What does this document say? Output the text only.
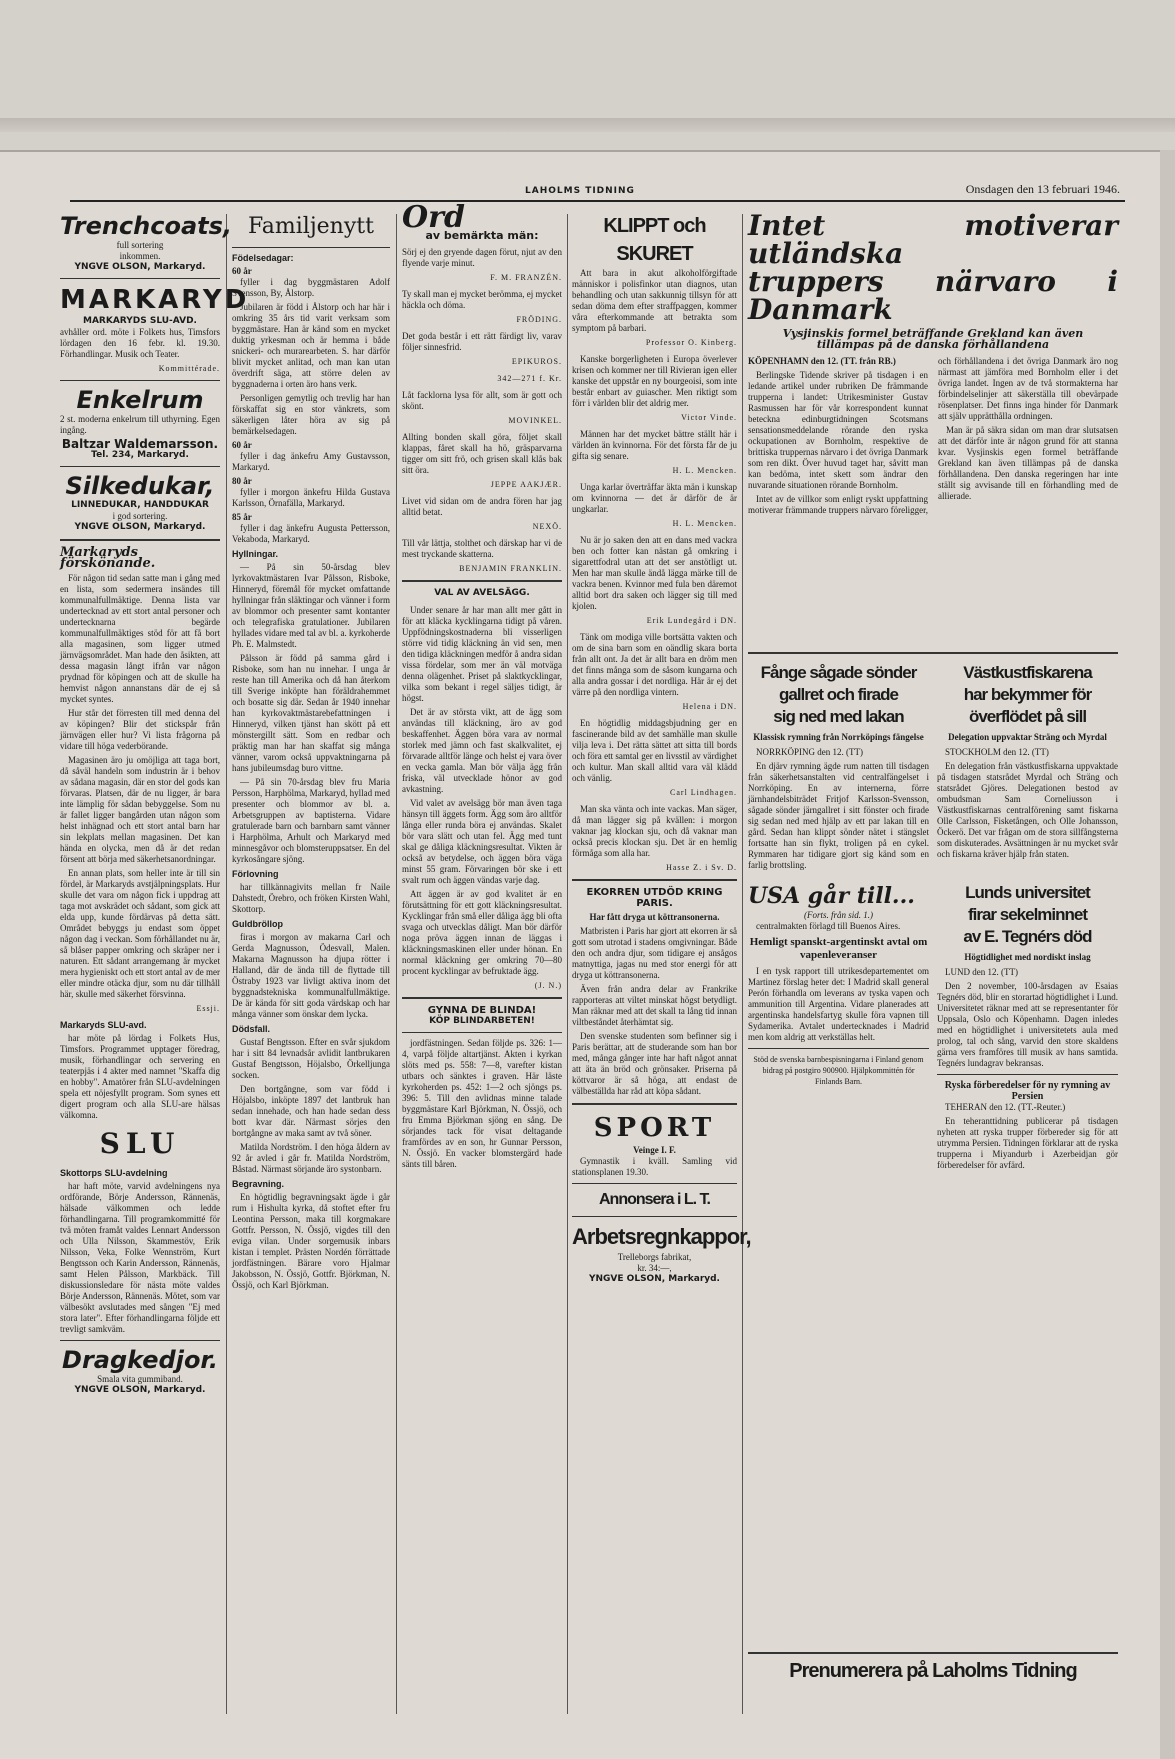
LAHOLMS TIDNING	Onsdagen den 13 februari 1946.
Trenchcoats,
full sortering
inkommen.
YNGVE OLSON, Markaryd.
MARKARYD
MARKARYDS SLU-AVD.

avhåller ord. möte i Folkets hus, Timsfors lördagen den 16 febr. kl. 19.30. Förhandlingar. Musik och Teater.

Kommittérade.
Enkelrum

2 st. moderna enkelrum till uthyrning. Egen ingång.

Baltzar Waldemarsson.
Tel. 234, Markaryd.
Silkedukar,
LINNEDUKAR, HANDDUKAR
i god sortering.
YNGVE OLSON, Markaryd.
Markaryds förskönande.

För någon tid sedan satte man i gång med en lista, som sedermera insändes till kommunalfullmäktige. Denna lista var undertecknad av ett stort antal personer och undertecknarna begärde kommunalfullmäktiges stöd för att få bort alla magasinen, som ligger utmed järnvägsområdet. Man hade den åsikten, att dessa magasin långt ifrån var någon prydnad för köpingen och att de skulle ha hemvist någon annanstans där de ej så mycket syntes.

Hur står det förresten till med denna del av köpingen? Blir det stickspår från järnvägen eller hur? Vi lista frågorna på vidare till höga vederbörande.

Magasinen äro ju omöjliga att taga bort, då såväl handeln som industrin är i behov av sådana magasin, där en stor del gods kan förvaras. Platsen, där de nu ligger, är bara inte lämplig för sådan bebyggelse. Som nu är fallet ligger bangården utan någon som helst inhägnad och ett stort antal barn har sin lekplats mellan magasinen. Det kan hända en olycka, men då är det redan försent att börja med säkerhetsanordningar.

En annan plats, som heller inte är till sin fördel, är Markaryds avstjälpningsplats. Hur skulle det vara om någon fick i uppdrag att taga mot avskrädet och sådant, som gick att elda upp, kunde fördärvas på detta sätt. Området bebyggs ju endast som öppet någon dag i veckan. Som förhållandet nu är, så blåser papper omkring och skräper ner i naturen. Ett sådant arrangemang är mycket mera hygieniskt och ett stort antal av de mer eller mindre otäcka djur, som nu där tillhåll här, skulle med säkerhet försvinna.

Essji.
Markaryds SLU-avd.

har möte på lördag i Folkets Hus, Timsfors. Programmet upptager föredrag, musik, förhandlingar och servering en teaterpjäs i 4 akter med namnet "Skaffa dig en hobby". Amatörer från SLU-avdelningen spela ett nöjesfyllt program. Som synes ett digert program och alla SLU-are hälsas välkomna.

SLU
Skottorps SLU-avdelning

har haft möte, varvid avdelningens nya ordförande, Börje Andersson, Rännenäs, hälsade välkommen och ledde förhandlingarna. Till programkommitté för tvä möten framåt valdes Lennart Andersson och Ulla Nilsson, Skammestöv, Erik Nilsson, Veka, Folke Wennström, Kurt Bengtsson och Karin Andersson, Rännenäs, samt Helen Pålsson, Markbäck. Till diskussionsledare för nästa möte valdes Börje Andersson, Rännenäs. Mötet, som var välbesökt avslutades med sången "Ej med stora later". Efter förhandlingarna följde ett trevligt samkväm.

Dragkedjor.
Smala vita gummiband.
YNGVE OLSON, Markaryd.
Familjenytt
Födelsedagar:
60 år

fyller i dag byggmästaren Adolf Svensson, By, Ålstorp.

Jubilaren är född i Ålstorp och har här i omkring 35 års tid varit verksam som byggmästare. Han är känd som en mycket duktig yrkesman och är hemma i både snickeri- och murarearbeten. S. har därför blivit mycket anlitad, och man kan utan överdrift säga, att större delen av byggnaderna i orten äro hans verk.

Personligen gemytlig och trevlig har han förskaffat sig en stor vänkrets, som säkerligen låter höra av sig på bemärkelsedagen.

60 år

fyller i dag änkefru Amy Gustavsson, Markaryd.

80 år

fyller i morgon änkefru Hilda Gustava Karlsson, Örnafälla, Markaryd.

85 år

fyller i dag änkefru Augusta Pettersson, Vekaboda, Markaryd.

Hyllningar.

— På sin 50-årsdag blev lyrkovaktmästaren Ivar Pålsson, Risboke, Hinneryd, föremål för mycket omfattande hyllningar från släktingar och vänner i form av blommor och presenter samt kontanter och telegrafiska gratulationer. Jubilaren hyllades vidare med tal av bl. a. kyrkoherde Ph. E. Malmstedt.

Pålsson är född på samma gård i Risboke, som han nu innehar. I unga år reste han till Amerika och då han återkom till Sverige inköpte han föräldrahemmet och bosatte sig där. Sedan år 1940 innehar han kyrkovaktmästarebefattningen i Hinneryd, vilken tjänst han skött på ett mönstergillt sätt. Som en redbar och präktig man har han skaffat sig många vänner, varom också uppvaktningarna på hans jubileumsdag buro vittne.

— På sin 70-årsdag blev fru Maria Persson, Harphölma, Markaryd, hyllad med presenter och blommor av bl. a. Arbetsgruppen av baptisterna. Vidare gratulerade barn och barnbarn samt vänner i Harphölma, Arhult och Markaryd med minnesgåvor och blomsteruppsatser. En del kyrkosångare sjöng.

Förlovning

har tillkännagivits mellan fr Naile Dahstedt, Örebro, och fröken Kirsten Wahl, Skottorp.

Guldbröllop

firas i morgon av makarna Carl och Gerda Magnusson, Ödesvall, Malen. Makarna Magnusson ha djupa rötter i Halland, där de ända till de flyttade till Östraby 1923 var livligt aktiva inom det byggnadstekniska kommunalfullmäktige. De är kända för sitt goda värdskap och har många vänner som önskar dem lycka.

Dödsfall.

Gustaf Bengtsson. Efter en svår sjukdom har i sitt 84 levnadsår avlidit lantbrukaren Gustaf Bengtsson, Höjalsbo, Örkelljunga socken.

Den bortgångne, som var född i Höjalsbo, inköpte 1897 det lantbruk han sedan innehade, och han hade sedan dess bott kvar där. Närmast sörjes den bortgångne av maka samt av två söner.

Matilda Nordström. I den höga åldern av 92 år avled i går fr. Matilda Nordström, Båstad. Närmast sörjande äro systonbarn.

Begravning.

En högtidlig begravningsakt ägde i går rum i Hishulta kyrka, då stoftet efter fru Leontina Persson, maka till korgmakare Gottfr. Persson, N. Össjö, vigdes till den eviga vilan. Under sorgemusik inbars kistan i templet. Prästen Nordén förrättade jordfästningen. Bärare voro Hjalmar Jakobsson, N. Össjö, Gottfr. Björkman, N. Össjö, och Karl Björkman.

Ord
av bemärkta män:

Sörj ej den gryende dagen förut, njut av den flyende varje minut.

F. M. FRANZÉN.

Ty skall man ej mycket berömma, ej mycket häckla och döma.

FRÖDING.

Det goda består i ett rätt färdigt liv, varav följer sinnesfrid.

EPIKUROS.
342—271 f. Kr.

Låt facklorna lysa för allt, som är gott och skönt.

MOVINKEL.

Allting bonden skall göra, följet skall klappas, fåret skall ha hö, gräsparvarna tigger om sitt frö, och grisen skall klås bak sitt öra.

JEPPE AAKJÆR.

Livet vid sidan om de andra fören har jag alltid betat.

NEXÖ.

Till vår lättja, stolthet och därskap har vi de mest tryckande skatterna.

BENJAMIN FRANKLIN.
VAL AV AVELSÄGG.

Under senare år har man allt mer gått in för att kläcka kycklingarna tidigt på våren. Uppfödningskostnaderna bli visserligen större vid tidig kläckning än vid sen, men den tidiga kläckningen medför å andra sidan vissa fördelar, som mer än väl motväga denna olägenhet. Priset på slaktkycklingar, vilka som bekant i regel säljes tidigt, är högst.

Det är av största vikt, att de ägg som användas till kläckning, äro av god beskaffenhet. Äggen böra vara av normal storlek med jämn och fast skalkvalitet, ej förvarade alltför länge och helst ej vara över en vecka gamla. Man bör välja ägg från friska, väl utvecklade hönor av god avkastning.

Vid valet av avelsägg bör man även taga hänsyn till äggets form. Ägg som äro alltför långa eller runda böra ej användas. Skalet bör vara slätt och utan fel. Ägg med tunt skal ge dåliga kläckningsresultat. Vikten är också av betydelse, och äggen böra väga minst 55 gram. Förvaringen bör ske i ett svalt rum och äggen vändas varje dag.

Att äggen är av god kvalitet är en förutsättning för ett gott kläckningsresultat. Kycklingar från små eller dåliga ägg bli ofta svaga och utvecklas dåligt. Man bör därför noga pröva äggen innan de läggas i kläckningsmaskinen eller under hönan. En normal kläckning ger omkring 70—80 procent kycklingar av befruktade ägg.

(J. N.)
GYNNA DE BLINDA!
KÖP BLINDARBETEN!

jordfästningen. Sedan följde ps. 326: 1—4, varpå följde altartjänst. Akten i kyrkan slöts med ps. 558: 7—8, varefter kistan utbars och sänktes i graven. Här läste kyrkoherden ps. 452: 1—2 och sjöngs ps. 396: 5. Till den avlidnas minne talade byggmästare Karl Björkman, N. Össjö, och fru Emma Björkman sjöng en sång. De sörjandes tack för visat deltagande framfördes av en son, hr Gunnar Persson, N. Össjö. En vacker blomstergärd hade sänts till båren.

KLIPPT och SKURET

Att bara in akut alkoholförgiftade människor i polisfinkor utan diagnos, utan behandling och utan sakkunnig tillsyn för att sedan döma dem efter straffpaggen, kommer våra efterkommande att betrakta som symptom på barbari.

Professor O. Kinberg.

Kanske borgerligheten i Europa överlever krisen och kommer ner till Rivieran igen eller kanske det uppstår en ny bourgeoisi, som inte består enbart av guiascher. Men riktigt som förr i världen blir det aldrig mer.

Victor Vinde.

Männen har det mycket bättre ställt här i världen än kvinnorna. För det första får de ju gifta sig senare.

H. L. Mencken.

Unga karlar överträffar äkta män i kunskap om kvinnorna — det är därför de är ungkarlar.

H. L. Mencken.

Nu är jo saken den att en dans med vackra ben och fotter kan nästan gå omkring i sigarettfodral utan att det ser anstötligt ut. Men har man skulle ändå lägga märke till de vackra benen. Kvinnor med fula ben däremot alltid bort dra saken och lägger sig till med kjolen.

Erik Lundegård i DN.

Tänk om modiga ville bortsätta vakten och om de sina barn som en oändlig skara borta från allt ont. Ja det är allt bara en dröm men det finns många som de såsom kungarna och alla andra gossar i det nordliga. Här är ej det värre på den nordliga vintern.

Helena i DN.

En högtidlig middagsbjudning ger en fascinerande bild av det samhälle man skulle vilja leva i. Det rätta sättet att sitta till bords och föra ett samtal ger en livsstil av värdighet och kultur. Man skall alltid vara väl klädd och vänlig.

Carl Lindhagen.

Man ska vänta och inte vackas. Man säger, då man lägger sig på kvällen: i morgon vaknar jag klockan sju, och då vaknar man också precis klockan sju. Det är en hemlig förmåga som alla har.

Hasse Z. i Sv. D.
EKORREN UTDÖD KRING PARIS.
Har fått dryga ut köttransonerna.

Matbristen i Paris har gjort att ekorren är så gott som utrotad i stadens omgivningar. Både den och andra djur, som tidigare ej ansågos matnyttiga, jagas nu med stor energi för att dryga ut köttransonerna.

Även från andra delar av Frankrike rapporteras att viltet minskat högst betydligt. Man räknar med att det skall ta lång tid innan viltbeståndet återhämtat sig.

Den svenske studenten som befinner sig i Paris berättar, att de studerande som han bor med, många gånger inte har haft något annat att äta än bröd och grönsaker. Priserna på köttvaror är så höga, att endast de välbeställda har råd att köpa sådant.

SPORT
Veinge I. F.

Gymnastik i kväll. Samling vid stationsplanen 19.30.

Annonsera i L. T.
Arbetsregnkappor,
Trelleborgs fabrikat,
kr. 34:—,
YNGVE OLSON, Markaryd.
Intet motiverar utländska
truppers närvaro i Danmark
Vysjinskis formel beträffande Grekland kan även
tillämpas på de danska förhållandena

KÖPENHAMN den 12. (TT. från RB.)

Berlingske Tidende skriver på tisdagen i en ledande artikel under rubriken De främmande trupperna i landet: Utrikesminister Gustav Rasmussen har för vår korrespondent kunnat beteckna edinburgtidningen Scotsmans sensationsmeddelande rörande den ryska ockupationen av Bornholm, respektive de brittiska truppernas närvaro i det övriga Danmark som ren dikt. Över huvud taget har, såvitt man kan bedöma, intet skett som ändrar den nuvarande situationen rörande Bornholm.

Intet av de villkor som enligt ryskt uppfattning motiverar främmande truppers närvaro föreligger, och förhållandena i det övriga Danmark äro nog närmast att jämföra med Bornholm eller i det övriga landet. Ingen av de två stormakterna har förbindelselinjer att säkerställa till obevärpade rösenplatser. Det finns inga hinder för Danmark att själv upprätthålla ordningen.

Man är på säkra sidan om man drar slutsatsen att det därför inte är någon grund för att stanna kvar. Vysjinskis egen formel beträffande Grekland kan även tillämpas på de danska förhållandena. Den danska regeringen har inte ställt sig avvisande till en förhandling med de allierade.

Fånge sågade sönder
gallret och firade
sig ned med lakan
Klassisk rymning från Norrköpings fängelse

NORRKÖPING den 12. (TT)

En djärv rymning ägde rum natten till tisdagen från säkerhetsanstalten vid centralfängelset i Norrköping. En av internerna, förre järnhandelsbiträdet Fritjof Karlsson-Svensson, sågade sönder järngallret i sitt fönster och firade sig sedan ned med hjälp av ett par lakan till en gård. Sedan han klippt sönder nätet i stängslet fortsatte han sin flykt, troligen på en cykel. Rymmaren har tidigare gjort sig känd som en farlig brottsling.

Västkustfiskarena
har bekymmer för
överflödet på sill
Delegation uppvaktar Sträng och Myrdal

STOCKHOLM den 12. (TT)

En delegation från västkustfiskarna uppvaktade på tisdagen statsrådet Myrdal och Sträng och statsrådet Gjöres. Delegationen bestod av ombudsman Sam Corneliusson i Västkustfiskarnas centralförening samt fiskarna Olle Carlsson, Fisketången, och Olle Johansson, Öckerö. Det var frågan om de stora sillfångsterna som diskuterades. Avsättningen är nu mycket svår och fiskarna kräver hjälp från staten.

USA går till...
(Forts. från sid. 1.)

centralmakten förlagd till Buenos Aires.

Hemligt spanskt-argentinskt avtal om vapenleveranser

I en tysk rapport till utrikesdepartementet om Martinez förslag heter det: I Madrid skall general Perón förhandla om leverans av tyska vapen och ammunition till Argentina. Vidare planerades att argentinska handelsfartyg skulle föra vapnen till Sydamerika. Avtalet undertecknades i Madrid men kom aldrig att verkställas helt.

Stöd de svenska barnbespisningarna i Finland genom bidrag på postgiro 900900. Hjälpkommittén för Finlands Barn.

Lunds universitet
firar sekelminnet
av E. Tegnérs död
Högtidlighet med nordiskt inslag

LUND den 12. (TT)

Den 2 november, 100-årsdagen av Esaias Tegnérs död, blir en storartad högtidlighet i Lund. Universitetet räknar med att se representanter för Uppsala, Oslo och Köpenhamn. Dagen inledes med en högtidlighet i universitetets aula med prolog, tal och sång, varvid den store skaldens gärna vers framföres till musik av hans samtida. Tegnérs lundagrav bekransas.

Ryska förberedelser för ny rymning av Persien

TEHERAN den 12. (TT.-Reuter.)

En teheranttidning publicerar på tisdagen nyheten att ryska trupper förbereder sig för att utrymma Persien. Tidningen förklarar att de ryska trupperna i Miyandurb i Azerbeidjan gör förberedelser för avfärd.

Prenumerera på Laholms Tidning
